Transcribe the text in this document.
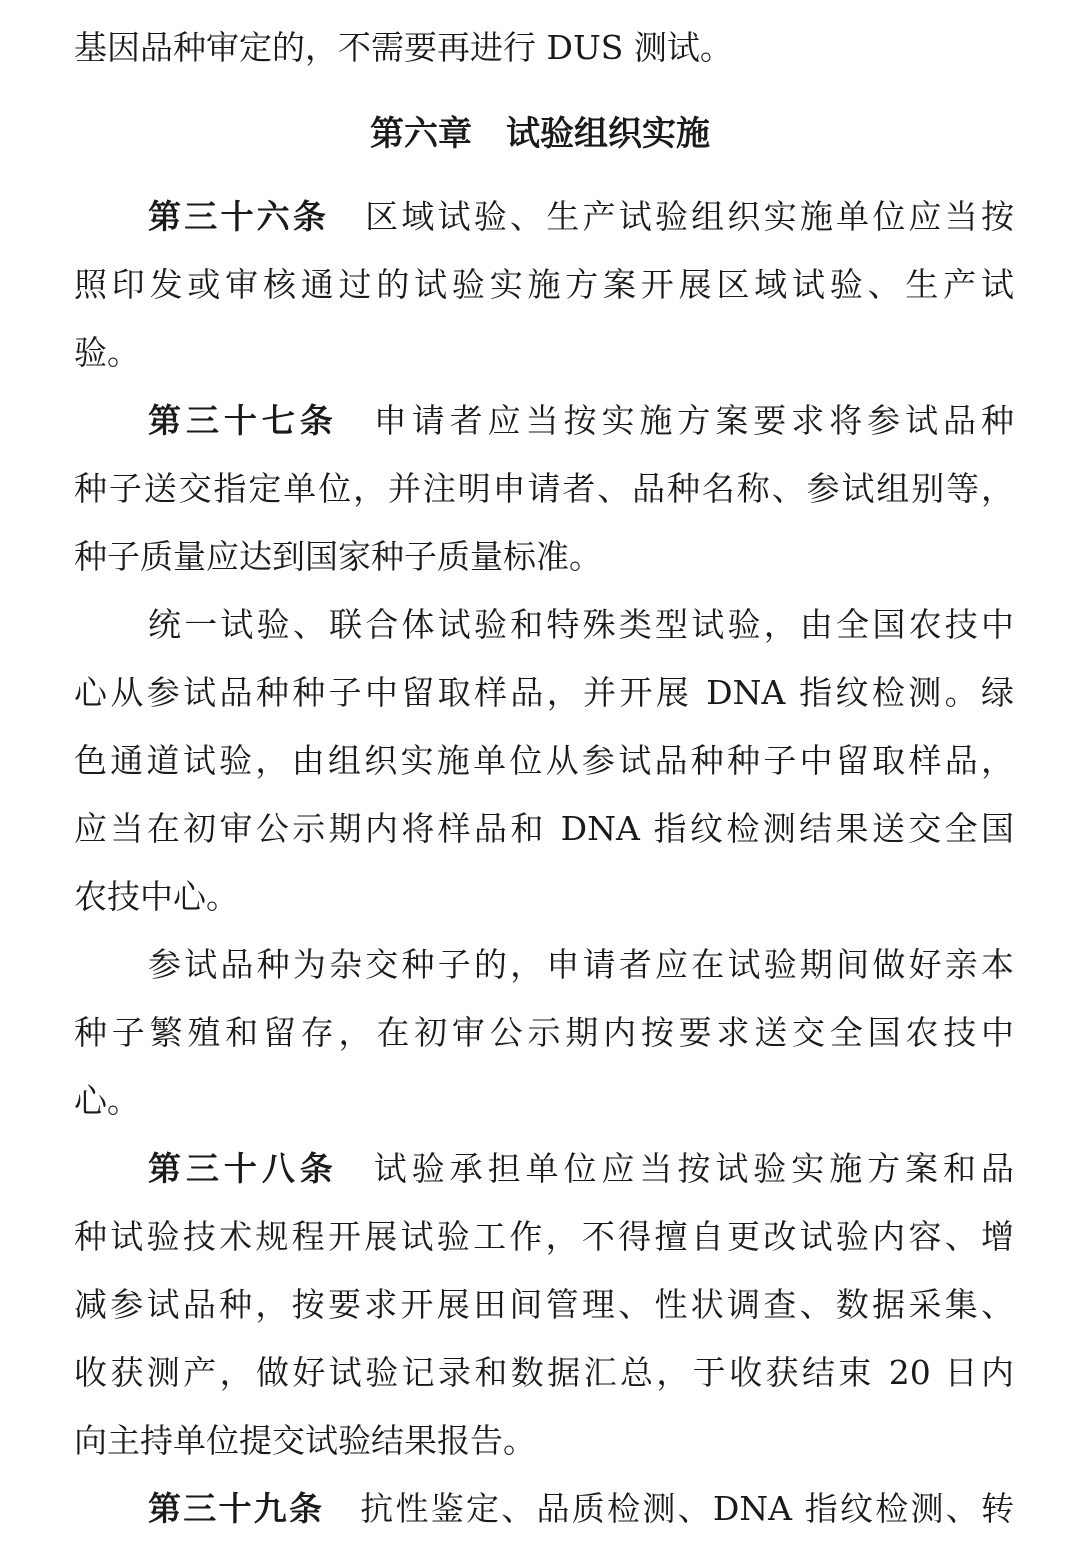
基因品种审定的，不需要再进行 DUS 测试。
第六章　试验组织实施
第三十六条 区域试验、生产试验组织实施单位应当按
照印发或审核通过的试验实施方案开展区域试验、生产试
验。
第三十七条 申请者应当按实施方案要求将参试品种
种子送交指定单位，并注明申请者、品种名称、参试组别等，
种子质量应达到国家种子质量标准。
统一试验、联合体试验和特殊类型试验，由全国农技中
心从参试品种种子中留取样品，并开展 DNA 指纹检测。绿
色通道试验，由组织实施单位从参试品种种子中留取样品，
应当在初审公示期内将样品和 DNA 指纹检测结果送交全国
农技中心。
参试品种为杂交种子的，申请者应在试验期间做好亲本
种子繁殖和留存，在初审公示期内按要求送交全国农技中
心。
第三十八条 试验承担单位应当按试验实施方案和品
种试验技术规程开展试验工作，不得擅自更改试验内容、增
减参试品种，按要求开展田间管理、性状调查、数据采集、
收获测产，做好试验记录和数据汇总，于收获结束 20 日内
向主持单位提交试验结果报告。
第三十九条 抗性鉴定、品质检测、DNA 指纹检测、转
